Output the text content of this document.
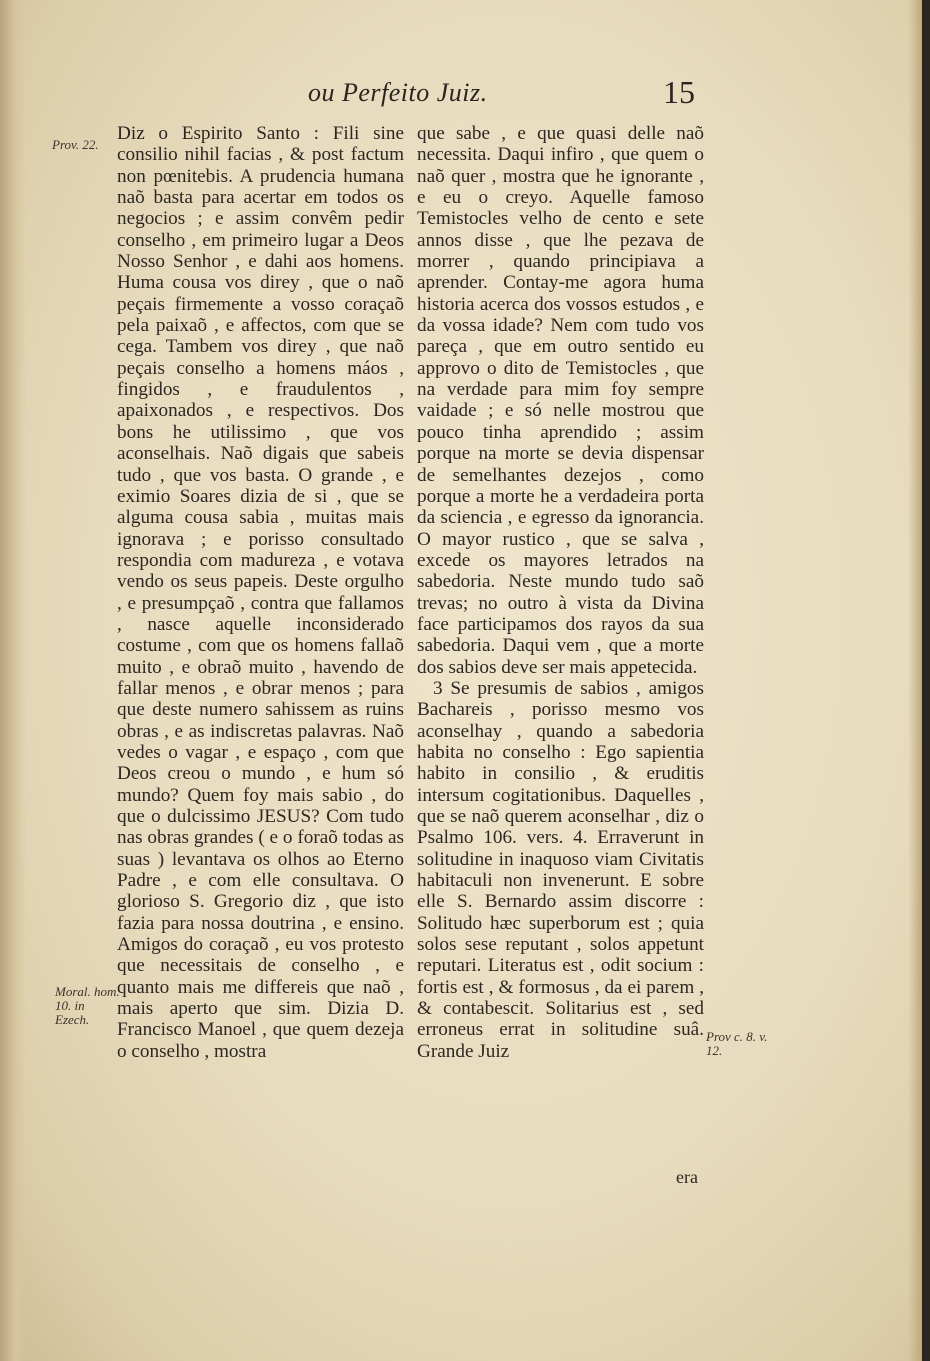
ou Perfeito Juiz.	15
Prov. 22.
Moral. hom. 10. in Ezech.
Prov c. 8. v. 12.

Diz o Espirito Santo : Fili sine consilio nihil facias , & post factum non pœnitebis. A prudencia humana naõ basta para acertar em todos os negocios ; e assim convêm pedir conselho , em primeiro lugar a Deos Nosso Senhor , e dahi aos homens. Huma cousa vos direy , que o naõ peçais firmemente a vosso coraçaõ pela paixaõ , e affectos, com que se cega. Tambem vos direy , que naõ peçais conselho a homens máos , fingidos , e fraudulentos , apaixonados , e respectivos. Dos bons he utilissimo , que vos aconselhais. Naõ digais que sabeis tudo , que vos basta. O grande , e eximio Soares dizia de si , que se alguma cousa sabia , muitas mais ignorava ; e porisso consultado respondia com madureza , e votava vendo os seus papeis. Deste orgulho , e presumpçaõ , contra que fallamos , nasce aquelle inconsiderado costume , com que os homens fallaõ muito , e obraõ muito , havendo de fallar menos , e obrar menos ; para que deste numero sahissem as ruins obras , e as indiscretas palavras. Naõ vedes o vagar , e espaço , com que Deos creou o mundo , e hum só mundo? Quem foy mais sabio , do que o dulcissimo JESUS? Com tudo nas obras grandes ( e o foraõ todas as suas ) levantava os olhos ao Eterno Padre , e com elle consultava. O glorioso S. Gregorio diz , que isto fazia para nossa doutrina , e ensino. Amigos do coraçaõ , eu vos protesto que necessitais de conselho , e quanto mais me differeis que naõ , mais aperto que sim. Dizia D. Francisco Manoel , que quem dezeja o conselho , mostra

que sabe , e que quasi delle naõ necessita. Daqui infiro , que quem o naõ quer , mostra que he ignorante , e eu o creyo. Aquelle famoso Temistocles velho de cento e sete annos disse , que lhe pezava de morrer , quando principiava a aprender. Contay-me agora huma historia acerca dos vossos estudos , e da vossa idade? Nem com tudo vos pareça , que em outro sentido eu approvo o dito de Temistocles , que na verdade para mim foy sempre vaidade ; e só nelle mostrou que pouco tinha aprendido ; assim porque na morte se devia dispensar de semelhantes dezejos , como porque a morte he a verdadeira porta da sciencia , e egresso da ignorancia. O mayor rustico , que se salva , excede os mayores letrados na sabedoria. Neste mundo tudo saõ trevas; no outro à vista da Divina face participamos dos rayos da sua sabedoria. Daqui vem , que a morte dos sabios deve ser mais appetecida.

3 Se presumis de sabios , amigos Bachareis , porisso mesmo vos aconselhay , quando a sabedoria habita no conselho : Ego sapientia habito in consilio , & eruditis intersum cogitationibus. Daquelles , que se naõ querem aconselhar , diz o Psalmo 106. vers. 4. Erraverunt in solitudine in inaquoso viam Civitatis habitaculi non invenerunt. E sobre elle S. Bernardo assim discorre : Solitudo hæc superborum est ; quia solos sese reputant , solos appetunt reputari. Literatus est , odit socium : fortis est , & formosus , da ei parem , & contabescit. Solitarius est , sed erroneus errat in solitudine suâ. Grande Juiz

era
